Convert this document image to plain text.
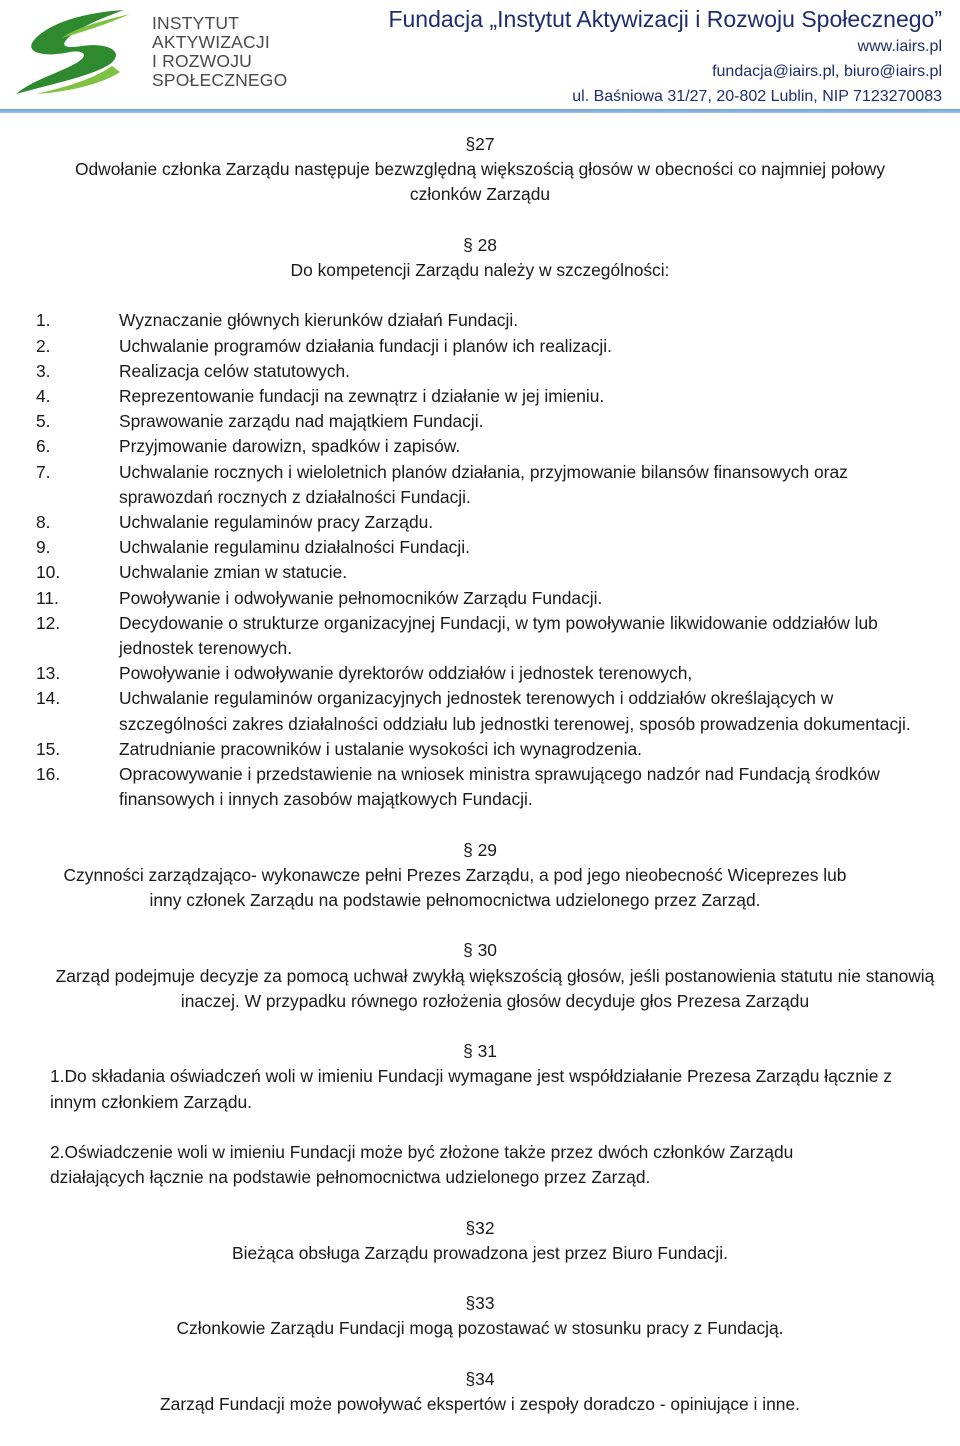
INSTYTUT
AKTYWIZACJI
I ROZWOJU
SPOŁECZNEGO
Fundacja „Instytut Aktywizacji i Rozwoju Społecznego”
www.iairs.pl
fundacja@iairs.pl, biuro@iairs.pl
ul. Baśniowa 31/27, 20-802 Lublin, NIP 7123270083
§27
Odwołanie członka Zarządu następuje bezwzględną większością głosów w obecności co najmniej połowy
członków Zarządu
§ 28
Do kompetencji Zarządu należy w szczególności:
1.	Wyznaczanie głównych kierunków działań Fundacji.
2.	Uchwalanie programów działania fundacji i planów ich realizacji.
3.	Realizacja celów statutowych.
4.	Reprezentowanie fundacji na zewnątrz i działanie w jej imieniu.
5.	Sprawowanie zarządu nad majątkiem Fundacji.
6.	Przyjmowanie darowizn, spadków i zapisów.
7.	Uchwalanie rocznych i wieloletnich planów działania, przyjmowanie bilansów finansowych oraz sprawozdań rocznych z działalności Fundacji.
8.	Uchwalanie regulaminów pracy Zarządu.
9.	Uchwalanie regulaminu działalności Fundacji.
10.	Uchwalanie zmian w statucie.
11.	Powoływanie i odwoływanie pełnomocników Zarządu Fundacji.
12.	Decydowanie o strukturze organizacyjnej Fundacji, w tym powoływanie likwidowanie oddziałów lub jednostek terenowych.
13.	Powoływanie i odwoływanie dyrektorów oddziałów i jednostek terenowych,
14.	Uchwalanie regulaminów organizacyjnych jednostek terenowych i oddziałów określających w szczególności zakres działalności oddziału lub jednostki terenowej, sposób prowadzenia dokumentacji.
15.	Zatrudnianie pracowników i ustalanie wysokości ich wynagrodzenia.
16.	Opracowywanie i przedstawienie na wniosek ministra sprawującego nadzór nad Fundacją środków finansowych i innych zasobów majątkowych Fundacji.
§ 29
Czynności zarządzająco- wykonawcze pełni Prezes Zarządu, a pod jego nieobecność Wiceprezes lub inny członek Zarządu na podstawie pełnomocnictwa udzielonego przez Zarząd.
§ 30
Zarząd podejmuje decyzje za pomocą uchwał zwykłą większością głosów, jeśli postanowienia statutu nie stanowią inaczej. W przypadku równego rozłożenia głosów decyduje głos Prezesa Zarządu
§ 31
1.Do składania oświadczeń woli w imieniu Fundacji wymagane jest współdziałanie Prezesa Zarządu łącznie z innym członkiem Zarządu.
2.Oświadczenie woli w imieniu Fundacji może być złożone także przez dwóch członków Zarządu działających łącznie na podstawie pełnomocnictwa udzielonego przez Zarząd.
§32
Bieżąca obsługa Zarządu prowadzona jest przez Biuro Fundacji.
§33
Członkowie Zarządu Fundacji mogą pozostawać w stosunku pracy z Fundacją.
§34
Zarząd Fundacji może powoływać ekspertów i zespoły doradczo - opiniujące i inne.
